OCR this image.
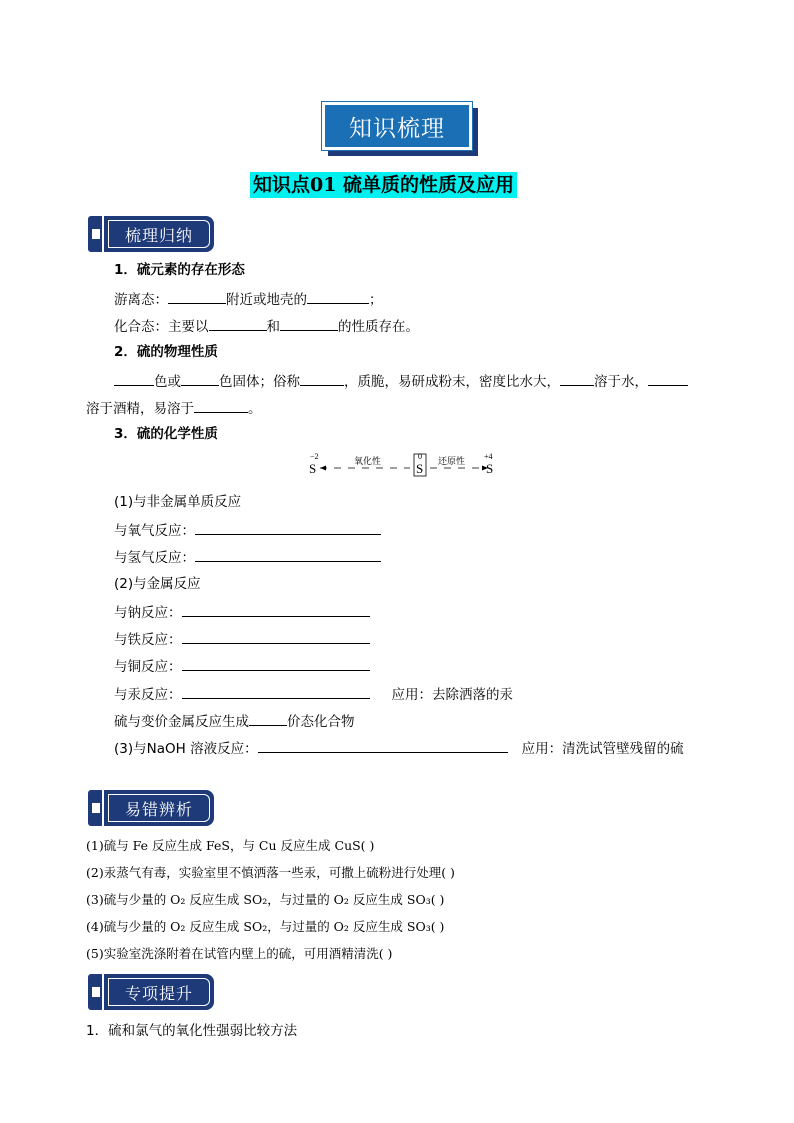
知识梳理
知识点01 硫单质的性质及应用
梳理归纳
1．硫元素的存在形态
游离态：	附近或地壳的	；
化合态：主要以	和	的性质存在。
2．硫的物理性质
色或	色固体；俗称	，质脆，易研成粉末，密度比水大，	溶于水，
溶于酒精，易溶于	。
3．硫的化学性质
−2
S	氧化性	0
S 还原性 +4
S
(1)与非金属单质反应
与氧气反应：
与氢气反应：
(2)与金属反应
与钠反应：
与铁反应：
与铜反应：
与汞反应：	应用：去除洒落的汞
硫与变价金属反应生成	价态化合物
(3)与NaOH 溶液反应：	应用：清洗试管壁残留的硫
易错辨析
(1)硫与 Fe 反应生成 FeS，与 Cu 反应生成 CuS( )
(2)汞蒸气有毒，实验室里不慎洒落一些汞，可撒上硫粉进行处理( )
(3)硫与少量的 O₂ 反应生成 SO₂，与过量的 O₂ 反应生成 SO₃( )
(4)硫与少量的 O₂ 反应生成 SO₂，与过量的 O₂ 反应生成 SO₃( )
(5)实验室洗涤附着在试管内壁上的硫，可用酒精清洗( )
专项提升
1．硫和氯气的氧化性强弱比较方法
